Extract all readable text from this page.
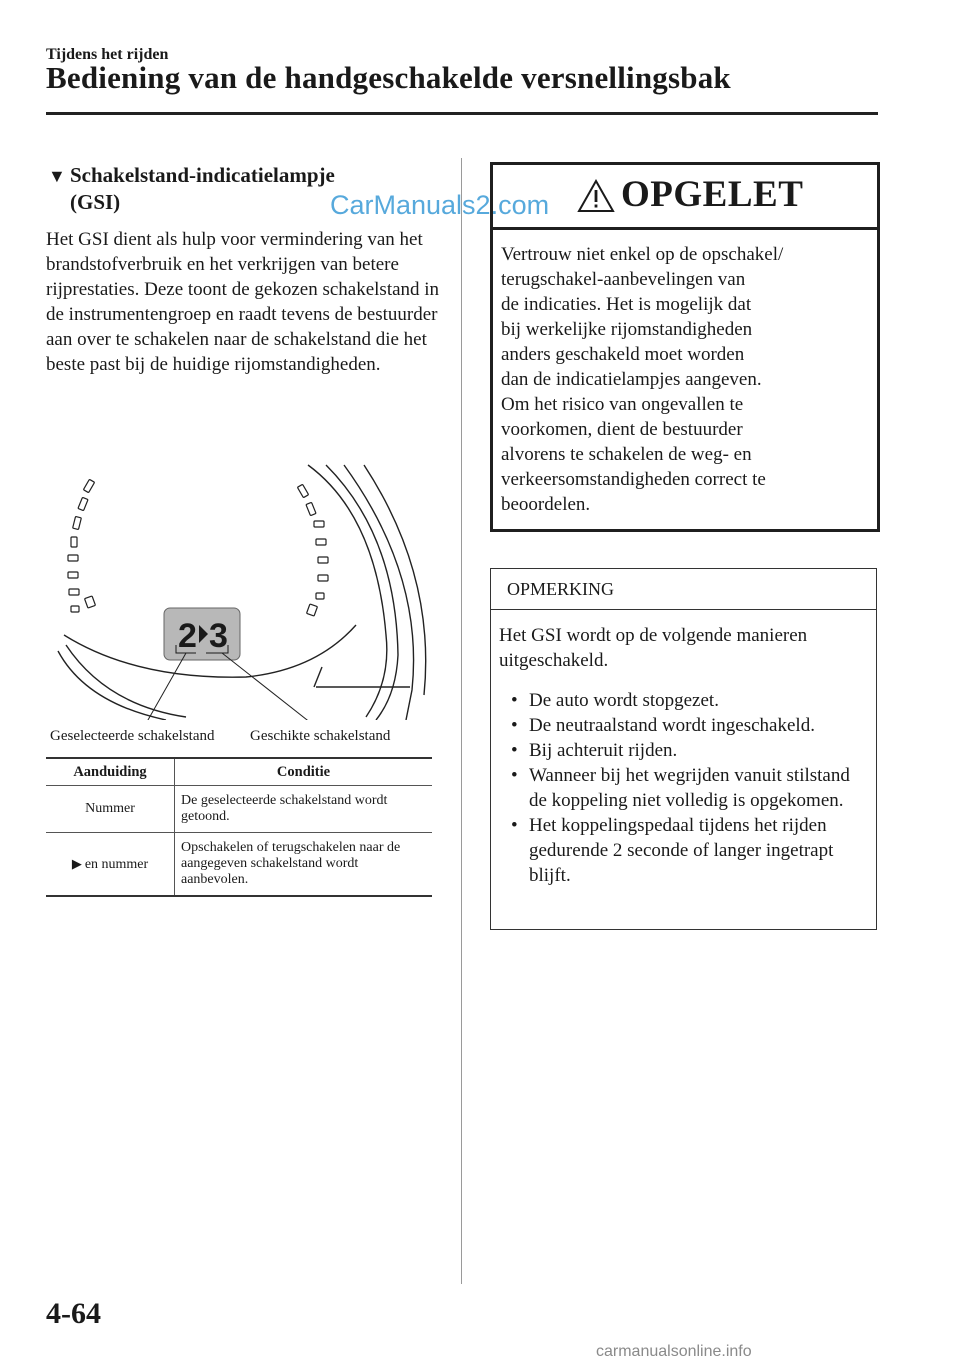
Tijdens het rijden
Bediening van de handgeschakelde versnellingsbak
▼ Schakelstand-indicatielampje
(GSI)	CarManuals2.com
Het GSI dient als hulp voor vermindering van het brandstofverbruik en het verkrijgen van betere rijprestaties. Deze toont de gekozen schakelstand in de instrumentengroep en raadt tevens de bestuurder aan over te schakelen naar de schakelstand die het beste past bij de huidige rijomstandigheden.
2 3
Geselecteerde schakelstand Geschikte schakelstand
Aanduiding	Conditie
Nummer	De geselecteerde schakelstand wordt getoond.
▶ en nummer	Opschakelen of terugschakelen naar de aangegeven schakelstand wordt aanbevolen.
OPGELET
Vertrouw niet enkel op de opschakel/
terugschakel-aanbevelingen van
de indicaties. Het is mogelijk dat
bij werkelijke rijomstandigheden
anders geschakeld moet worden
dan de indicatielampjes aangeven.
Om het risico van ongevallen te
voorkomen, dient de bestuurder
alvorens te schakelen de weg- en
verkeersomstandigheden correct te
beoordelen.
OPMERKING
Het GSI wordt op de volgende manieren uitgeschakeld.
• De auto wordt stopgezet.
• De neutraalstand wordt ingeschakeld.
• Bij achteruit rijden.
• Wanneer bij het wegrijden vanuit stilstand de koppeling niet volledig is opgekomen.
• Het koppelingspedaal tijdens het rijden gedurende 2 seconde of langer ingetrapt blijft.
4-64
carmanualsonline.info
